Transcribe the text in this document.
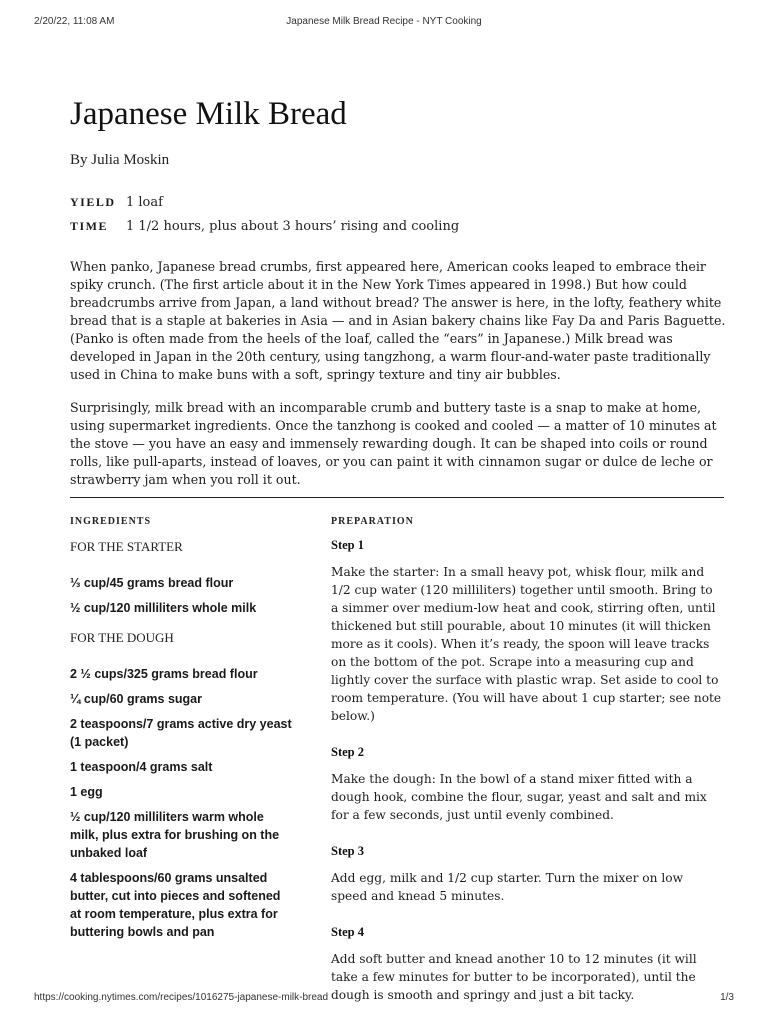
2/20/22, 11:08 AM	Japanese Milk Bread Recipe - NYT Cooking
Japanese Milk Bread
By Julia Moskin
YIELD 1 loaf
TIME	1 1/2 hours, plus about 3 hours’ rising and cooling

When panko, Japanese bread crumbs, first appeared here, American cooks leaped to embrace their spiky crunch. (The first article about it in the New York Times appeared in 1998.) But how could breadcrumbs arrive from Japan, a land without bread? The answer is here, in the lofty, feathery white bread that is a staple at bakeries in Asia — and in Asian bakery chains like Fay Da and Paris Baguette. (Panko is often made from the heels of the loaf, called the “ears” in Japanese.) Milk bread was developed in Japan in the 20th century, using tangzhong, a warm flour-and-water paste traditionally used in China to make buns with a soft, springy texture and tiny air bubbles.

Surprisingly, milk bread with an incomparable crumb and buttery taste is a snap to make at home, using supermarket ingredients. Once the tanzhong is cooked and cooled — a matter of 10 minutes at the stove — you have an easy and immensely rewarding dough. It can be shaped into coils or round rolls, like pull-aparts, instead of loaves, or you can paint it with cinnamon sugar or dulce de leche or strawberry jam when you roll it out.

INGREDIENTS	PREPARATION
FOR THE STARTER
⅓ cup/45 grams bread flour
½ cup/120 milliliters whole milk
FOR THE DOUGH
2 ½ cups/325 grams bread flour
¼ cup/60 grams sugar
2 teaspoons/7 grams active dry yeast (1 packet)
1 teaspoon/4 grams salt
1 egg
½ cup/120 milliliters warm whole milk, plus extra for brushing on the unbaked loaf
4 tablespoons/60 grams unsalted butter, cut into pieces and softened at room temperature, plus extra for buttering bowls and pan
Step 1
Make the starter: In a small heavy pot, whisk flour, milk and 1/2 cup water (120 milliliters) together until smooth. Bring to a simmer over medium-low heat and cook, stirring often, until thickened but still pourable, about 10 minutes (it will thicken more as it cools). When it’s ready, the spoon will leave tracks on the bottom of the pot. Scrape into a measuring cup and lightly cover the surface with plastic wrap. Set aside to cool to room temperature. (You will have about 1 cup starter; see note below.)
Step 2
Make the dough: In the bowl of a stand mixer fitted with a dough hook, combine the flour, sugar, yeast and salt and mix for a few seconds, just until evenly combined.
Step 3
Add egg, milk and 1/2 cup starter. Turn the mixer on low speed and knead 5 minutes.
Step 4
Add soft butter and knead another 10 to 12 minutes (it will take a few minutes for butter to be incorporated), until the dough is smooth and springy and just a bit tacky.
https://cooking.nytimes.com/recipes/1016275-japanese-milk-bread	1/3
